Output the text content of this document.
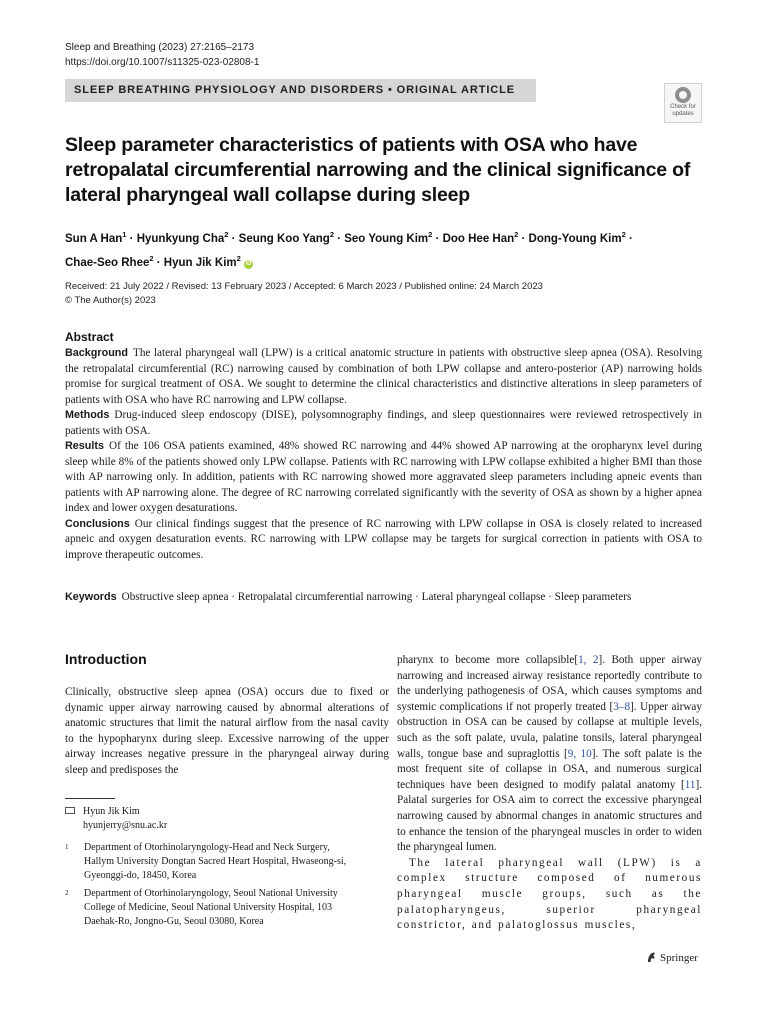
Sleep and Breathing (2023) 27:2165–2173
https://doi.org/10.1007/s11325-023-02808-1
SLEEP BREATHING PHYSIOLOGY AND DISORDERS • ORIGINAL ARTICLE
Check for
updates
Sleep parameter characteristics of patients with OSA who have retropalatal circumferential narrowing and the clinical significance of lateral pharyngeal wall collapse during sleep
Sun A Han$^1$ · Hyunkyung Cha$^2$ · Seung Koo Yang$^2$ · Seo Young Kim$^2$ · Doo Hee Han$^2$ · Dong-Young Kim$^2$ ·
Chae-Seo Rhee$^2$ · Hyun Jik Kim$^2$ iD
Received: 21 July 2022 / Revised: 13 February 2023 / Accepted: 6 March 2023 / Published online: 24 March 2023
© The Author(s) 2023
Abstract

Background The lateral pharyngeal wall (LPW) is a critical anatomic structure in patients with obstructive sleep apnea (OSA). Resolving the retropalatal circumferential (RC) narrowing caused by combination of both LPW collapse and antero-posterior (AP) narrowing holds promise for surgical treatment of OSA. We sought to determine the clinical characteristics and distinctive alterations in sleep parameters of patients with OSA who have RC narrowing and LPW collapse.

Methods Drug-induced sleep endoscopy (DISE), polysomnography findings, and sleep questionnaires were reviewed retrospectively in patients with OSA.

Results Of the 106 OSA patients examined, 48% showed RC narrowing and 44% showed AP narrowing at the oropharynx level during sleep while 8% of the patients showed only LPW collapse. Patients with RC narrowing with LPW collapse exhibited a higher BMI than those with AP narrowing only. In addition, patients with RC narrowing showed more aggravated sleep parameters including apneic events than patients with AP narrowing alone. The degree of RC narrowing correlated significantly with the severity of OSA as shown by a higher apnea index and lower oxygen desaturations.

Conclusions Our clinical findings suggest that the presence of RC narrowing with LPW collapse in OSA is closely related to increased apneic and oxygen desaturation events. RC narrowing with LPW collapse may be targets for surgical correction in patients with OSA to improve therapeutic outcomes.

Keywords Obstructive sleep apnea · Retropalatal circumferential narrowing · Lateral pharyngeal collapse · Sleep parameters
Introduction

Clinically, obstructive sleep apnea (OSA) occurs due to fixed or dynamic upper airway narrowing caused by abnormal alterations of anatomic structures that limit the natural airflow from the nasal cavity to the hypopharynx during sleep. Excessive narrowing of the upper airway increases negative pressure in the pharyngeal airway during sleep and predisposes the

Hyun Jik Kim
hyunjerry@snu.ac.kr
1 Department of Otorhinolaryngology-Head and Neck Surgery, Hallym University Dongtan Sacred Heart Hospital, Hwaseong-si, Gyeonggi-do, 18450, Korea
2 Department of Otorhinolaryngology, Seoul National University College of Medicine, Seoul National University Hospital, 103 Daehak-Ro, Jongno-Gu, Seoul 03080, Korea

pharynx to become more collapsible[1, 2]. Both upper airway narrowing and increased airway resistance reportedly contribute to the underlying pathogenesis of OSA, which causes symptoms and systemic complications if not properly treated [3–8]. Upper airway obstruction in OSA can be caused by collapse at multiple levels, such as the soft palate, uvula, palatine tonsils, lateral pharyngeal walls, tongue base and supraglottis [9, 10]. The soft palate is the most frequent site of collapse in OSA, and numerous surgical techniques have been designed to modify palatal anatomy [11]. Palatal surgeries for OSA aim to correct the excessive pharyngeal narrowing caused by abnormal changes in anatomic structures and to enhance the tension of the pharyngeal muscles in order to widen the pharyngeal lumen.

The lateral pharyngeal wall (LPW) is a complex structure composed of numerous pharyngeal muscle groups, such as the palatopharyngeus, superior pharyngeal constrictor, and palatoglossus muscles,

Springer
